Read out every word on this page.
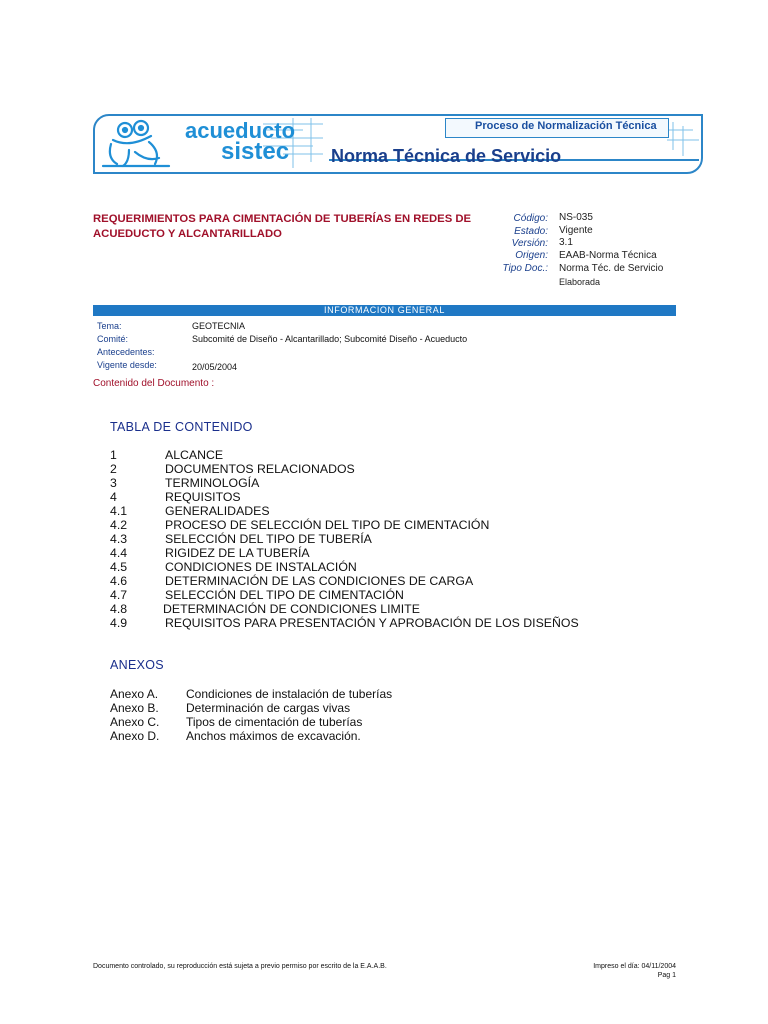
acueducto
sistec
Proceso de Normalización Técnica
Norma Técnica de Servicio
REQUERIMIENTOS PARA CIMENTACIÓN DE TUBERÍAS EN REDES DE ACUEDUCTO Y ALCANTARILLADO
Código: NS-035
Estado: Vigente
Versión: 3.1
Origen: EAAB-Norma Técnica
Tipo Doc.: Norma Téc. de Servicio
Elaborada
INFORMACION GENERAL
Tema:	GEOTECNIA
Comité:	Subcomité de Diseño - Alcantarillado; Subcomité Diseño - Acueducto
Antecedentes:
Vigente desde:	20/05/2004
Contenido del Documento :
TABLA DE CONTENIDO
1	ALCANCE
2	DOCUMENTOS RELACIONADOS
3	TERMINOLOGÍA
4	REQUISITOS
4.1	GENERALIDADES
4.2	PROCESO DE SELECCIÓN DEL TIPO DE CIMENTACIÓN
4.3	SELECCIÓN DEL TIPO DE TUBERÍA
4.4	RIGIDEZ DE LA TUBERÍA
4.5	CONDICIONES DE INSTALACIÓN
4.6	DETERMINACIÓN DE LAS CONDICIONES DE CARGA
4.7	SELECCIÓN DEL TIPO DE CIMENTACIÓN
4.8	DETERMINACIÓN DE CONDICIONES LIMITE
4.9	REQUISITOS PARA PRESENTACIÓN Y APROBACIÓN DE LOS DISEÑOS
ANEXOS
Anexo A. Condiciones de instalación de tuberías
Anexo B. Determinación de cargas vivas
Anexo C. Tipos de cimentación de tuberías
Anexo D. Anchos máximos de excavación.
Documento controlado, su reproducción está sujeta a previo permiso por escrito de la E.A.A.B.	Impreso el día: 04/11/2004
Pag 1
